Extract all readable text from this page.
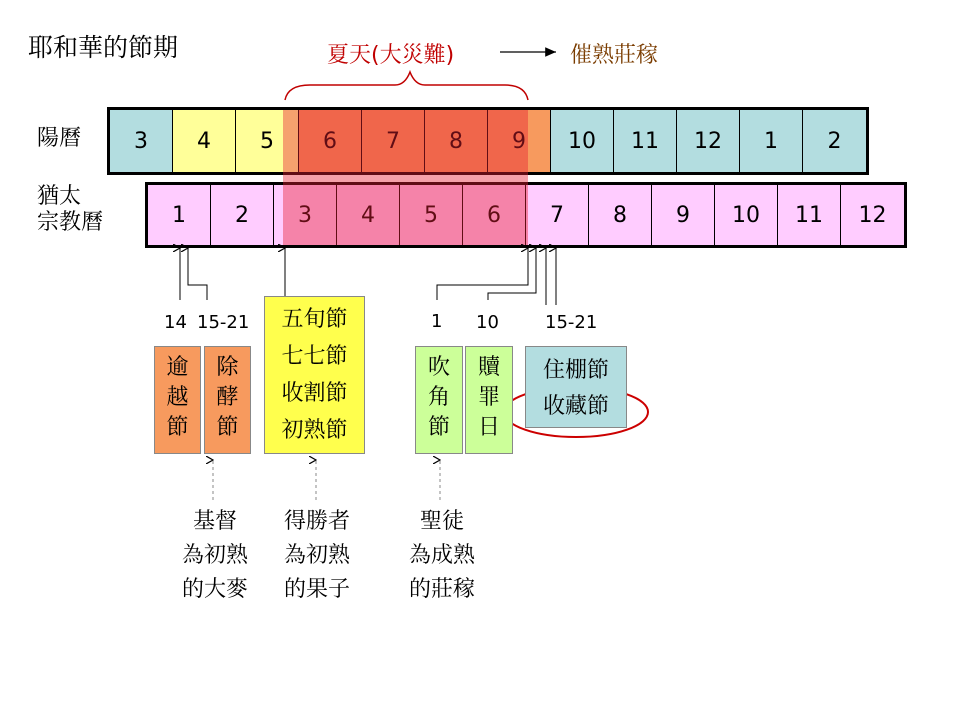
耶和華的節期	夏天(大災難)	催熟莊稼
陽曆
猶太
宗教曆
3	4	5	6	7	8	9	10	11	12	1	2
1	2	3	4	5	6	7	8	9	10	11	12
14 15-21	1 10	15-21
逾
越
節
除
酵
節
五旬節
七七節
收割節
初熟節
吹
角
節
贖
罪
日
住棚節
收藏節
基督
為初熟
的大麥
得勝者
為初熟
的果子
聖徒
為成熟
的莊稼
